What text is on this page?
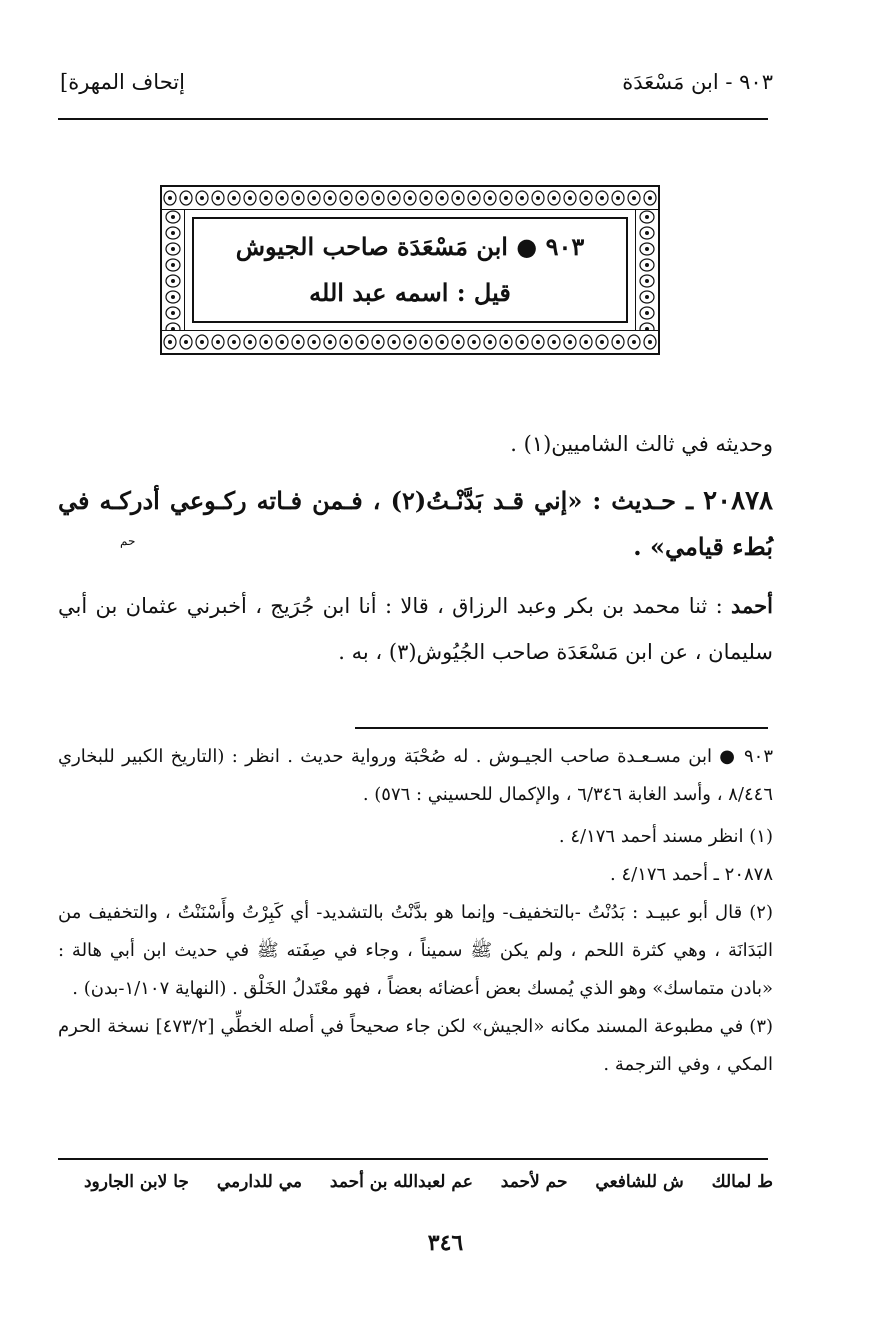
[إتحاف المهرة	٩٠٣ - ابن مَسْعَدَة
٩٠٣ ● ابن مَسْعَدَة صاحب الجيوش
قيل : اسمه عبد الله
وحديثه في ثالث الشاميين(١) .
٢٠٨٧٨ ـ حـديث : «إني قـد بَدَّنْـتُ(٢) ، فـمن فـاته ركـوعي أدركـه في بُطء قيامي» .
حم
أحمد : ثنا محمد بن بكر وعبد الرزاق ، قالا : أنا ابن جُرَيج ، أخبرني عثمان بن أبي سليمان ، عن ابن مَسْعَدَة صاحب الجُيُوش(٣) ، به .

٩٠٣ ● ابن مسـعـدة صاحب الجيـوش . له صُحْبَة ورواية حديث . انظر : (التاريخ الكبير للبخاري ٨/٤٤٦ ، وأسد الغابة ٦/٣٤٦ ، والإكمال للحسيني : ٥٧٦) .

(١) انظر مسند أحمد ٤/١٧٦ .

٢٠٨٧٨ ـ أحمد ٤/١٧٦ .

(٢) قال أبو عبيـد : بَدُنْتُ -بالتخفيف- وإنما هو بدَّنْتُ بالتشديد- أي كَبِرْتُ وأَسْنَنْتُ ، والتخفيف من البَدَانَة ، وهي كثرة اللحم ، ولم يكن ﷺ سميناً ، وجاء في صِفَته ﷺ في حديث ابن أبي هالة : «بادن متماسك» وهو الذي يُمسك بعض أعضائه بعضاً ، فهو معْتَدلُ الخَلْق . (النهاية ١/١٠٧-بدن) .

(٣) في مطبوعة المسند مكانه «الجيش» لكن جاء صحيحاً في أصله الخطِّي [٤٧٣/٢] نسخة الحرم المكي ، وفي الترجمة .

ط لمالك ش للشافعي حم لأحمد عم لعبدالله بن أحمد مي للدارمي جا لابن الجارود
٣٤٦
